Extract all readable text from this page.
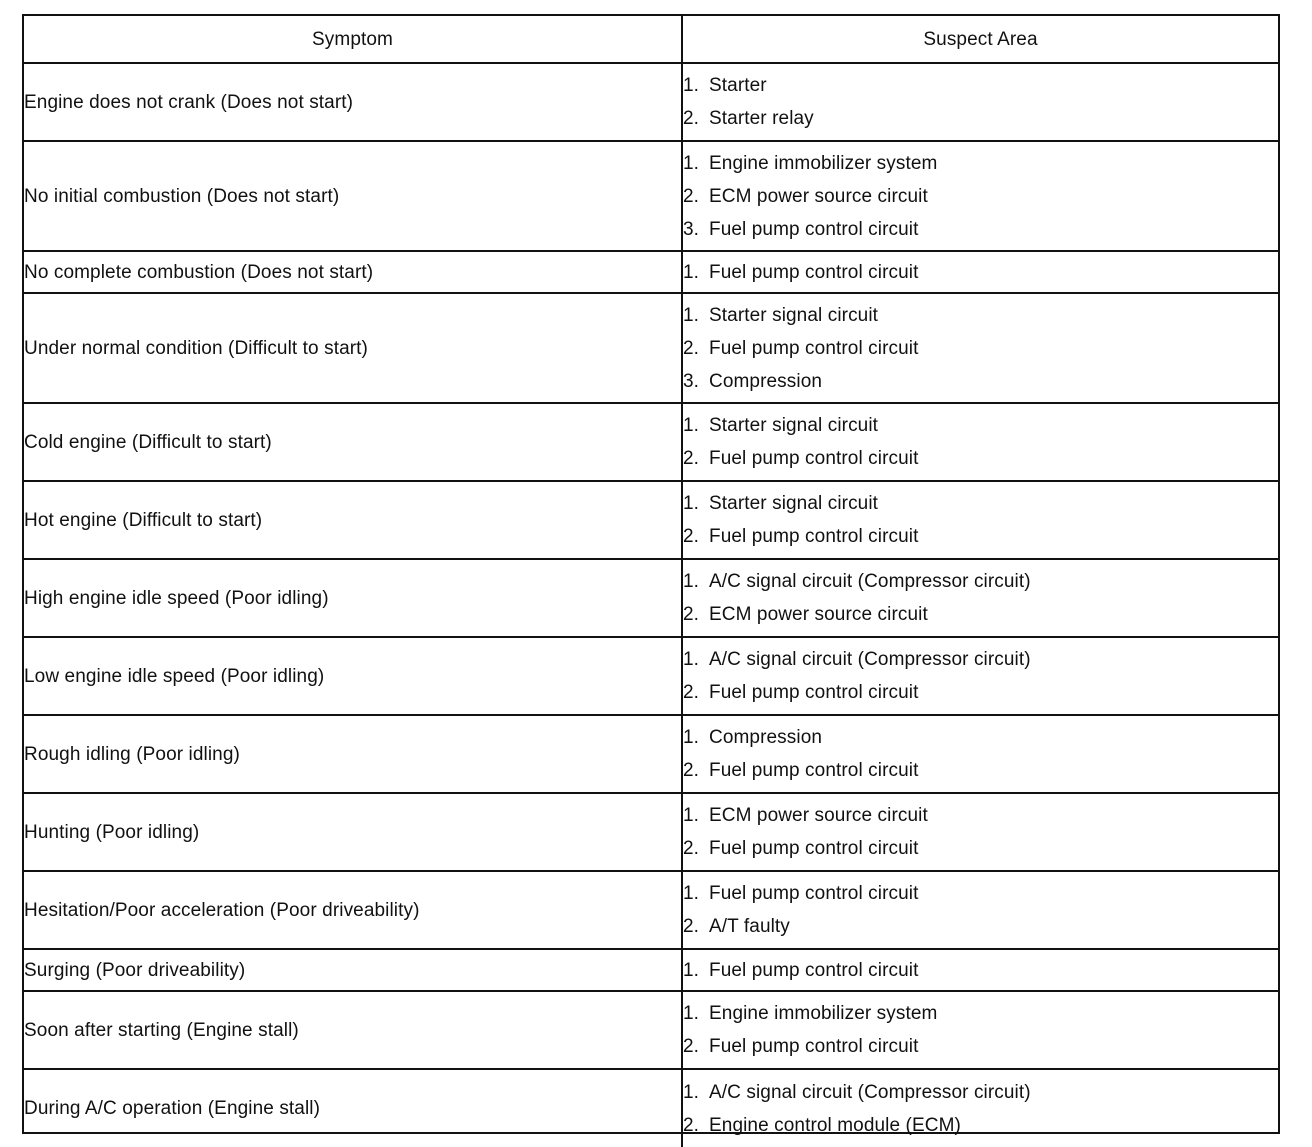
Symptom	Suspect Area
Engine does not crank (Does not start)	1. Starter
2. Starter relay

No initial combustion (Does not start)	1. Engine immobilizer system
2. ECM power source circuit
3. Fuel pump control circuit

No complete combustion (Does not start)	1. Fuel pump control circuit

Under normal condition (Difficult to start)	1. Starter signal circuit
2. Fuel pump control circuit
3. Compression

Cold engine (Difficult to start)	1. Starter signal circuit
2. Fuel pump control circuit

Hot engine (Difficult to start)	1. Starter signal circuit
2. Fuel pump control circuit

High engine idle speed (Poor idling)	1. A/C signal circuit (Compressor circuit)
2. ECM power source circuit

Low engine idle speed (Poor idling)	1. A/C signal circuit (Compressor circuit)
2. Fuel pump control circuit

Rough idling (Poor idling)	1. Compression
2. Fuel pump control circuit

Hunting (Poor idling)	1. ECM power source circuit
2. Fuel pump control circuit

Hesitation/Poor acceleration (Poor driveability)	1. Fuel pump control circuit
2. A/T faulty

Surging (Poor driveability)	1. Fuel pump control circuit

Soon after starting (Engine stall)	1. Engine immobilizer system
2. Fuel pump control circuit

During A/C operation (Engine stall)	1. A/C signal circuit (Compressor circuit)
2. Engine control module (ECM)
